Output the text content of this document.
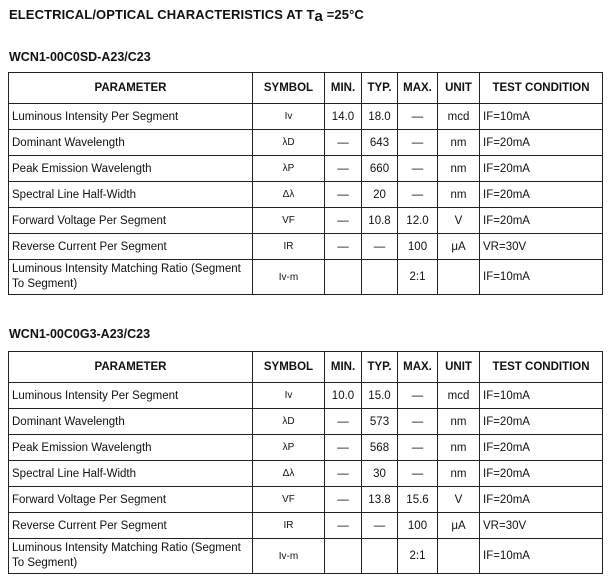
ELECTRICAL/OPTICAL CHARACTERISTICS AT Ta =25°C
WCN1-00C0SD-A23/C23
PARAMETER	SYMBOL	MIN.	TYP.	MAX.	UNIT	TEST CONDITION
Luminous Intensity Per Segment	Iv	14.0	18.0	—	mcd	IF=10mA
Dominant Wavelength	λD	—	643	—	nm	IF=20mA
Peak Emission Wavelength	λP	—	660	—	nm	IF=20mA
Spectral Line Half-Width	Δλ	—	20	—	nm	IF=20mA
Forward Voltage Per Segment	VF	—	10.8	12.0	V	IF=20mA
Reverse Current Per Segment	IR	—	—	100	μA	VR=30V
Luminous Intensity Matching Ratio (Segment To Segment)	Iv-m			2:1		IF=10mA
WCN1-00C0G3-A23/C23
PARAMETER	SYMBOL	MIN.	TYP.	MAX.	UNIT	TEST CONDITION
Luminous Intensity Per Segment	Iv	10.0	15.0	—	mcd	IF=10mA
Dominant Wavelength	λD	—	573	—	nm	IF=20mA
Peak Emission Wavelength	λP	—	568	—	nm	IF=20mA
Spectral Line Half-Width	Δλ	—	30	—	nm	IF=20mA
Forward Voltage Per Segment	VF	—	13.8	15.6	V	IF=20mA
Reverse Current Per Segment	IR	—	—	100	μA	VR=30V
Luminous Intensity Matching Ratio (Segment To Segment)	Iv-m			2:1		IF=10mA
